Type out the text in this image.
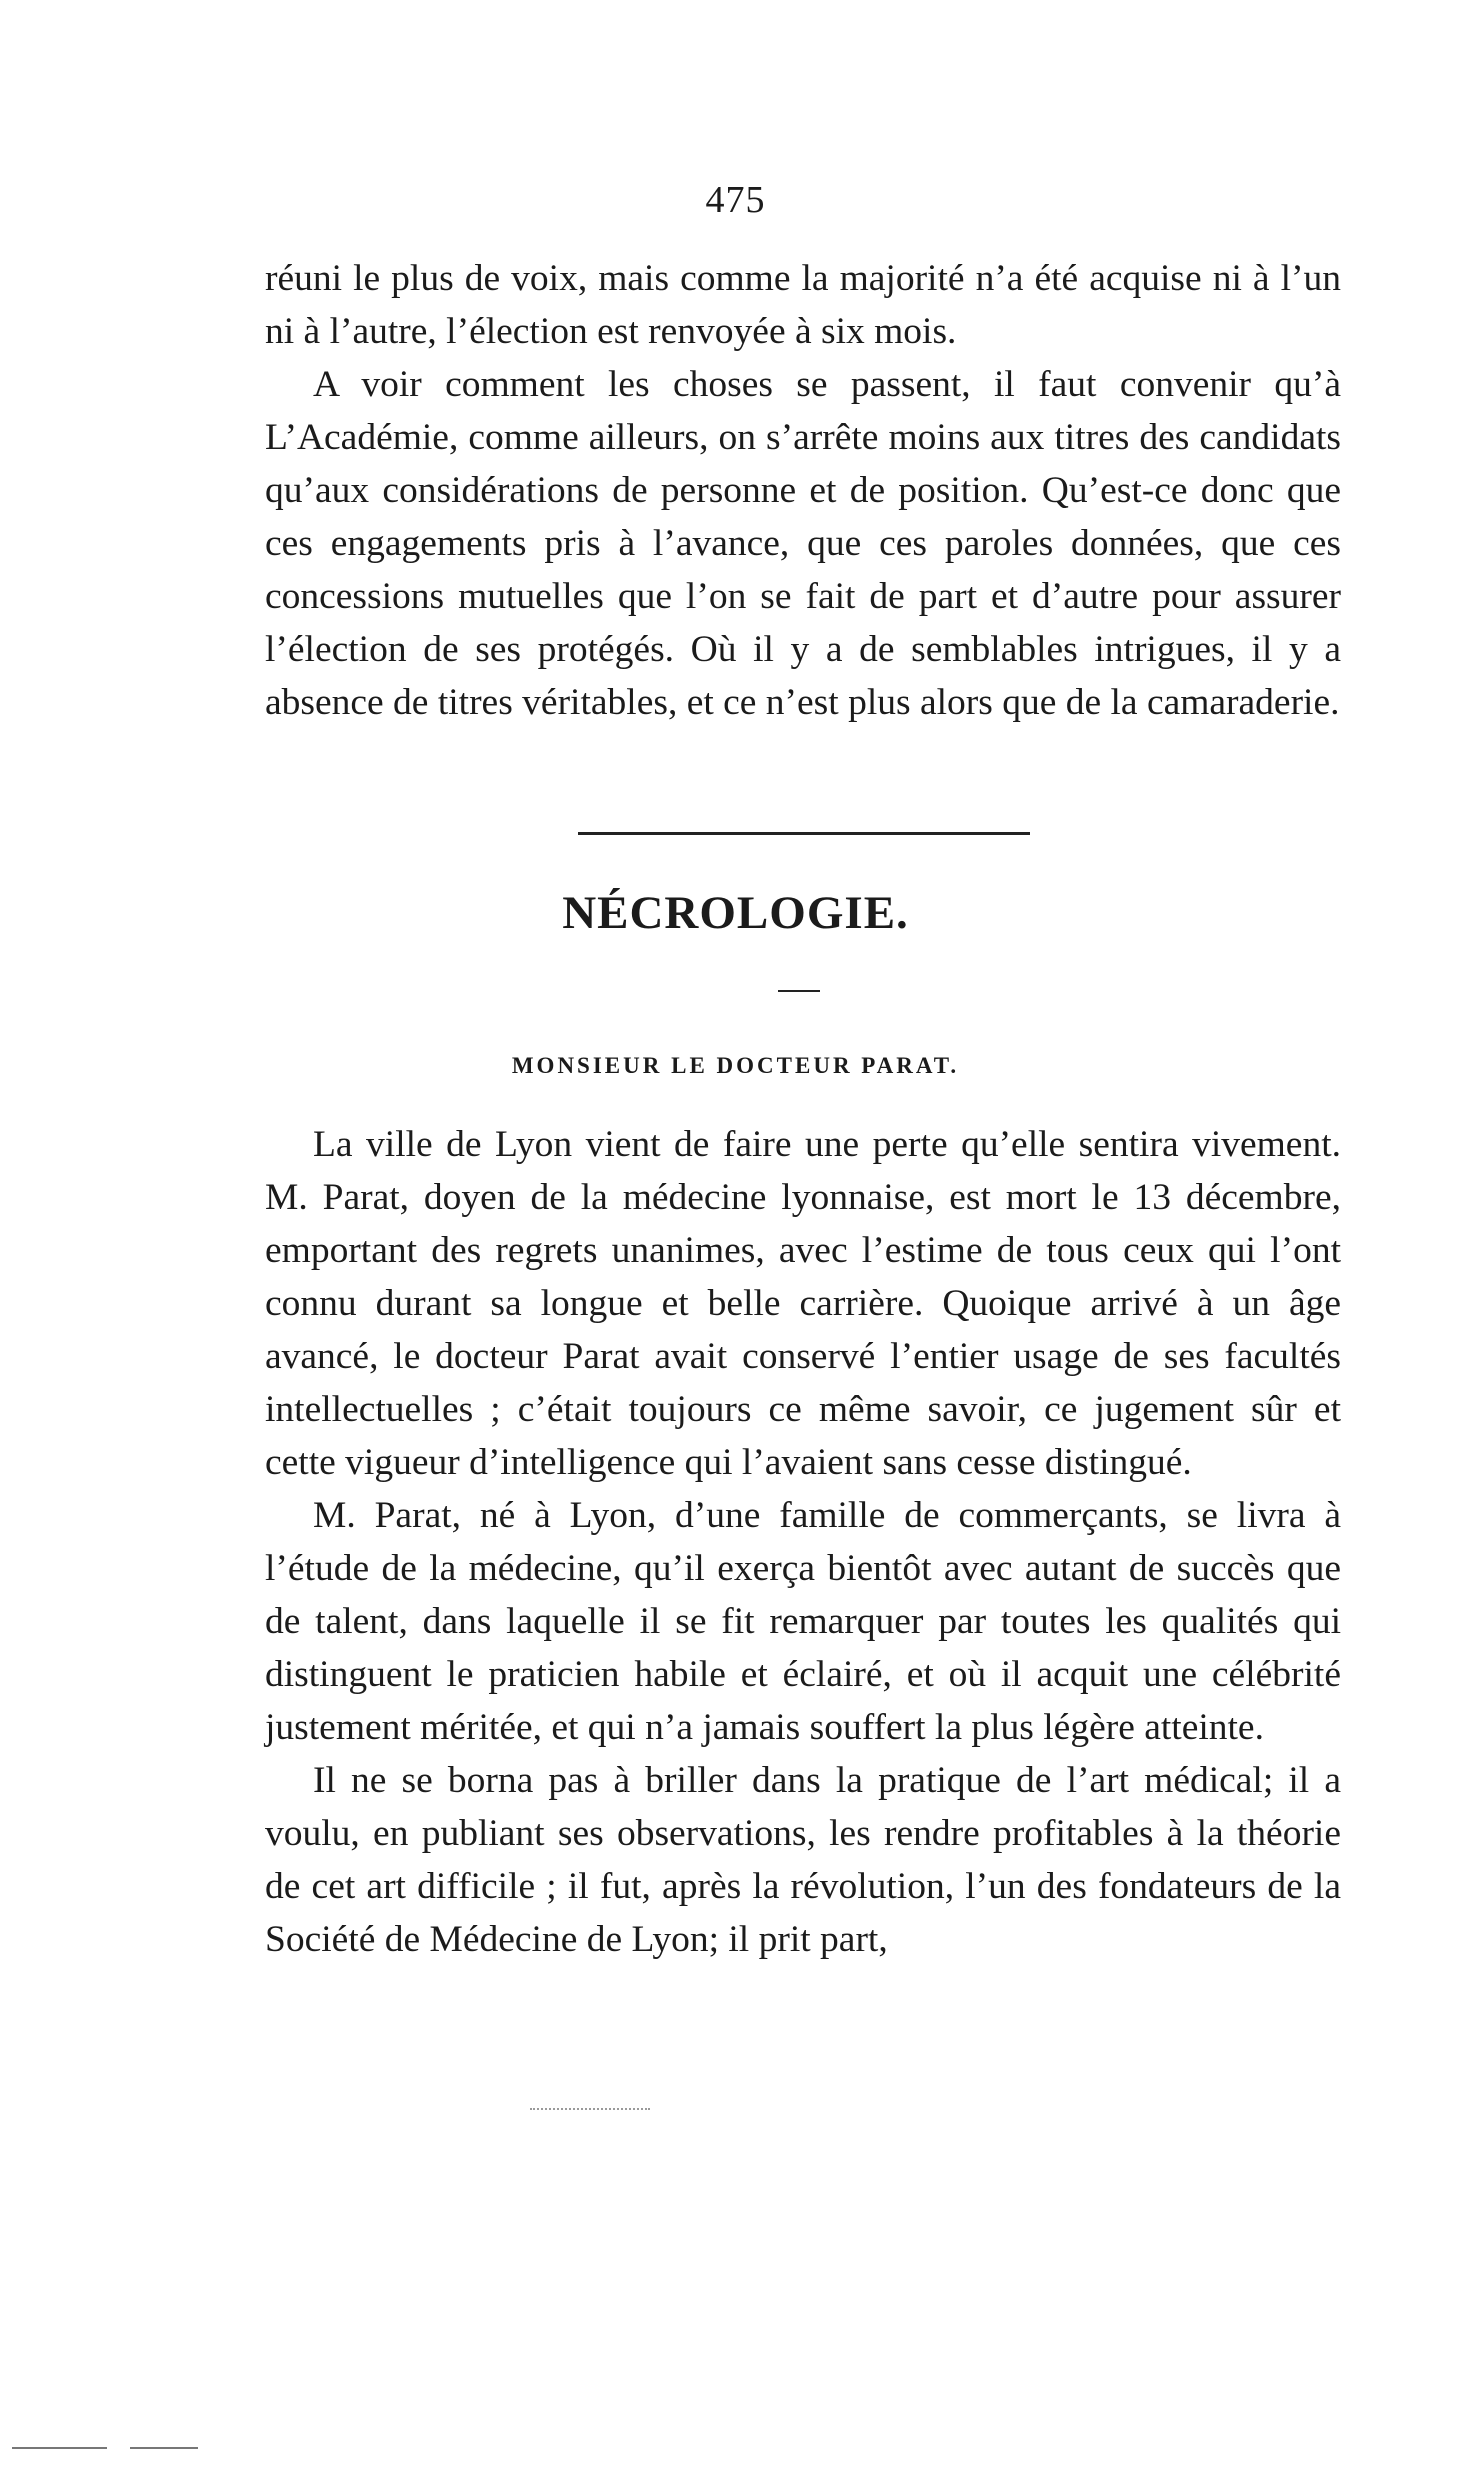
475

réuni le plus de voix, mais comme la majorité n’a été acquise ni à l’un ni à l’autre, l’élection est renvoyée à six mois.

A voir comment les choses se passent, il faut convenir qu’à L’Académie, comme ailleurs, on s’arrête moins aux titres des candidats qu’aux considérations de personne et de position. Qu’est-ce donc que ces engagements pris à l’avance, que ces paroles données, que ces concessions mutuelles que l’on se fait de part et d’autre pour assurer l’élection de ses protégés. Où il y a de semblables intrigues, il y a absence de titres véritables, et ce n’est plus alors que de la camaraderie.

NÉCROLOGIE.
MONSIEUR LE DOCTEUR PARAT.

La ville de Lyon vient de faire une perte qu’elle sentira vivement. M. Parat, doyen de la médecine lyonnaise, est mort le 13 décembre, emportant des regrets unanimes, avec l’estime de tous ceux qui l’ont connu durant sa longue et belle carrière. Quoique arrivé à un âge avancé, le docteur Parat avait conservé l’entier usage de ses facultés intellectuelles ; c’était toujours ce même savoir, ce jugement sûr et cette vigueur d’intelligence qui l’avaient sans cesse distingué.

M. Parat, né à Lyon, d’une famille de commerçants, se livra à l’étude de la médecine, qu’il exerça bientôt avec autant de succès que de talent, dans laquelle il se fit remarquer par toutes les qualités qui distinguent le praticien habile et éclairé, et où il acquit une célébrité justement méritée, et qui n’a jamais souffert la plus légère atteinte.

Il ne se borna pas à briller dans la pratique de l’art médical; il a voulu, en publiant ses observations, les rendre profitables à la théorie de cet art difficile ; il fut, après la révolution, l’un des fondateurs de la Société de Médecine de Lyon; il prit part,
